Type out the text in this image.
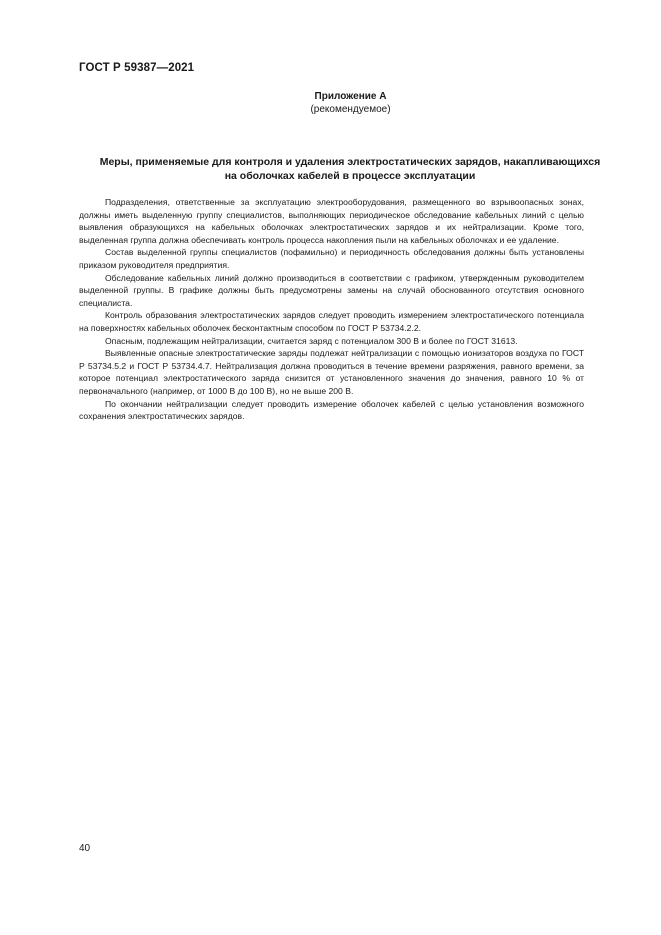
ГОСТ Р 59387—2021
Приложение А
(рекомендуемое)
Меры, применяемые для контроля и удаления электростатических зарядов, накапливающихся
на оболочках кабелей в процессе эксплуатации

Подразделения, ответственные за эксплуатацию электрооборудования, размещенного во взрывоопасных зонах, должны иметь выделенную группу специалистов, выполняющих периодическое обследование кабельных линий с целью выявления образующихся на кабельных оболочках электростатических зарядов и их нейтрализации. Кроме того, выделенная группа должна обеспечивать контроль процесса накопления пыли на кабельных оболочках и ее удаление.

Состав выделенной группы специалистов (пофамильно) и периодичность обследования должны быть установлены приказом руководителя предприятия.

Обследование кабельных линий должно производиться в соответствии с графиком, утвержденным руководителем выделенной группы. В графике должны быть предусмотрены замены на случай обоснованного отсутствия основного специалиста.

Контроль образования электростатических зарядов следует проводить измерением электростатического потенциала на поверхностях кабельных оболочек бесконтактным способом по ГОСТ Р 53734.2.2.

Опасным, подлежащим нейтрализации, считается заряд с потенциалом 300 В и более по ГОСТ 31613.

Выявленные опасные электростатические заряды подлежат нейтрализации с помощью ионизаторов воздуха по ГОСТ Р 53734.5.2 и ГОСТ Р 53734.4.7. Нейтрализация должна проводиться в течение времени разряжения, равного времени, за которое потенциал электростатического заряда снизится от установленного значения до значения, равного 10 % от первоначального (например, от 1000 В до 100 В), но не выше 200 В.

По окончании нейтрализации следует проводить измерение оболочек кабелей с целью установления возможного сохранения электростатических зарядов.

40
